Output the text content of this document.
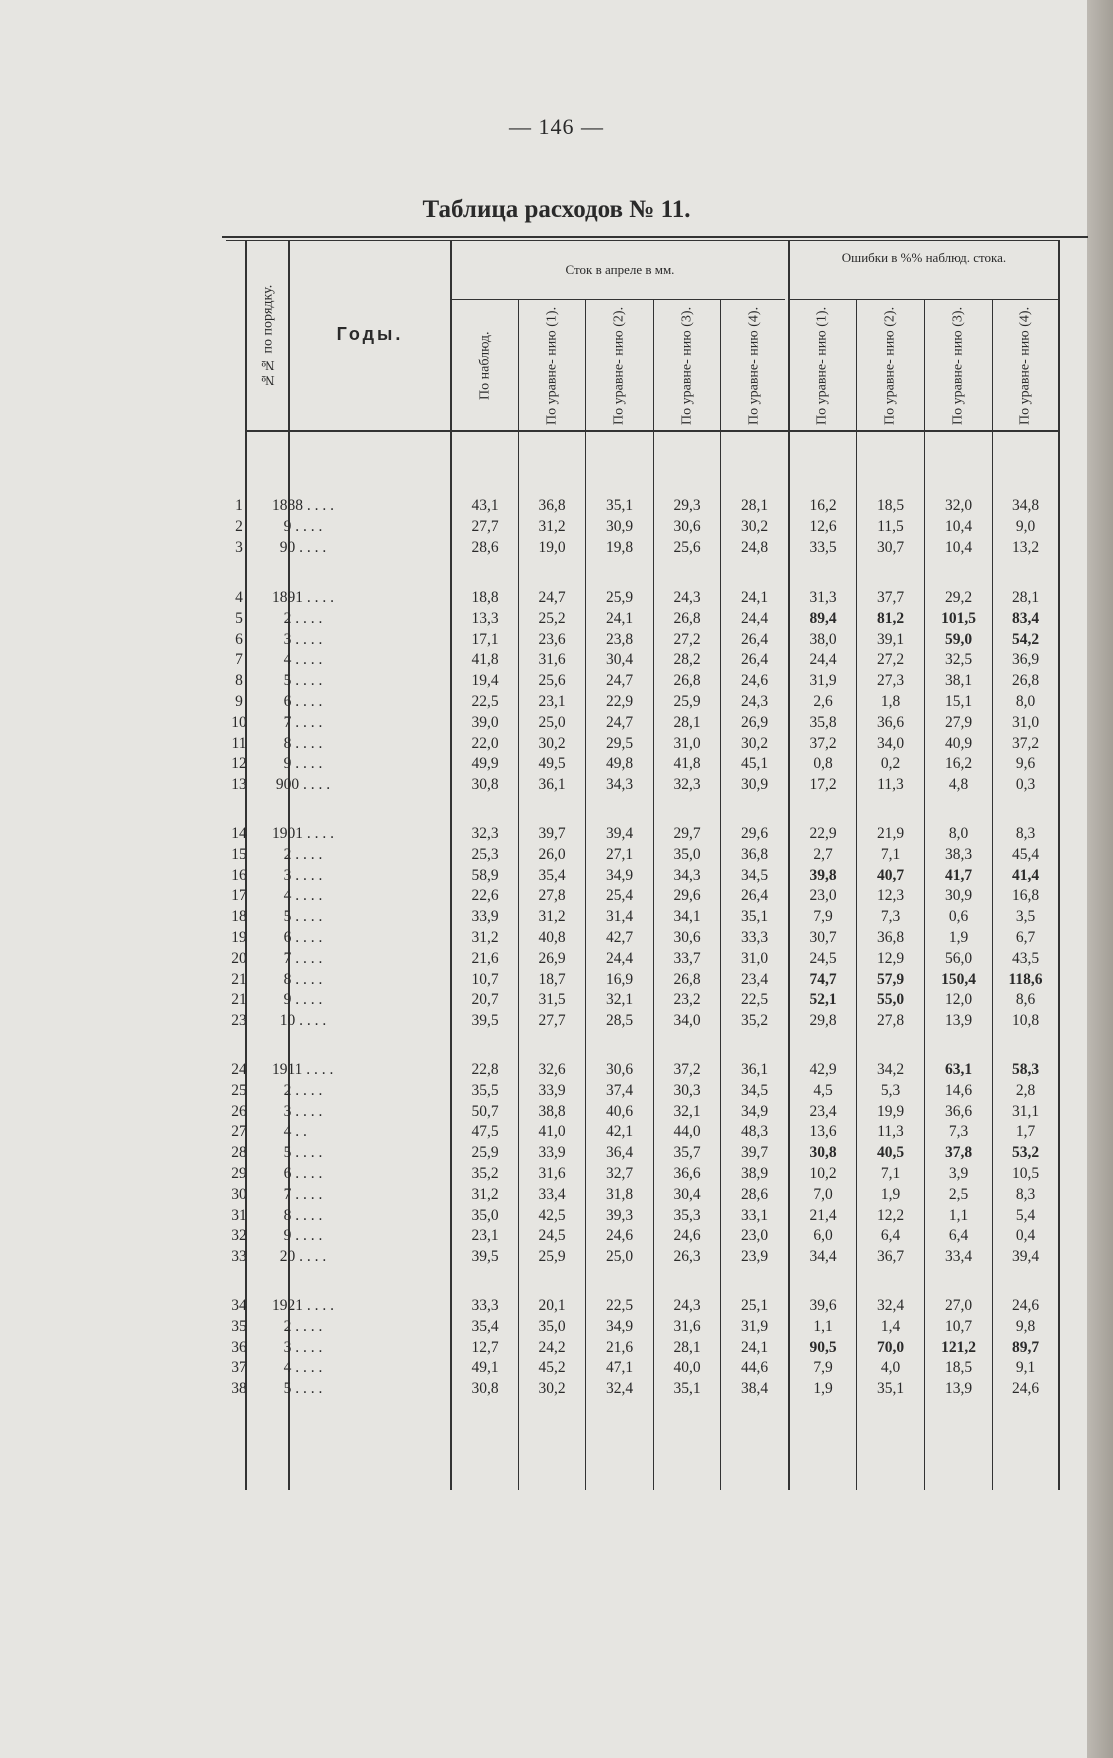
— 146 —
Таблица расходов № 11.
№№ по порядку.	Годы.
Сток в апреле в мм.
Ошибки в %% наблюд. стока.
По наблюд.	По уравне- нию (1).	По уравне- нию (2).	По уравне- нию (3).	По уравне- нию (4).	По уравне- нию (1).	По уравне- нию (2).	По уравне- нию (3).	По уравне- нию (4).
1	1888 . . . .	43,1	36,8	35,1	29,3	28,1	16,2	18,5	32,0	34,8
2	9 . . . .	27,7	31,2	30,9	30,6	30,2	12,6	11,5	10,4	9,0
3	90 . . . .	28,6	19,0	19,8	25,6	24,8	33,5	30,7	10,4	13,2
4	1891 . . . .	18,8	24,7	25,9	24,3	24,1	31,3	37,7	29,2	28,1
5	2 . . . .	13,3	25,2	24,1	26,8	24,4	89,4	81,2	101,5	83,4
6	3 . . . .	17,1	23,6	23,8	27,2	26,4	38,0	39,1	59,0	54,2
7	4 . . . .	41,8	31,6	30,4	28,2	26,4	24,4	27,2	32,5	36,9
8	5 . . . .	19,4	25,6	24,7	26,8	24,6	31,9	27,3	38,1	26,8
9	6 . . . .	22,5	23,1	22,9	25,9	24,3	2,6	1,8	15,1	8,0
10	7 . . . .	39,0	25,0	24,7	28,1	26,9	35,8	36,6	27,9	31,0
11	8 . . . .	22,0	30,2	29,5	31,0	30,2	37,2	34,0	40,9	37,2
12	9 . . . .	49,9	49,5	49,8	41,8	45,1	0,8	0,2	16,2	9,6
13	900 . . . .	30,8	36,1	34,3	32,3	30,9	17,2	11,3	4,8	0,3
14	1901 . . . .	32,3	39,7	39,4	29,7	29,6	22,9	21,9	8,0	8,3
15	2 . . . .	25,3	26,0	27,1	35,0	36,8	2,7	7,1	38,3	45,4
16	3 . . . .	58,9	35,4	34,9	34,3	34,5	39,8	40,7	41,7	41,4
17	4 . . . .	22,6	27,8	25,4	29,6	26,4	23,0	12,3	30,9	16,8
18	5 . . . .	33,9	31,2	31,4	34,1	35,1	7,9	7,3	0,6	3,5
19	6 . . . .	31,2	40,8	42,7	30,6	33,3	30,7	36,8	1,9	6,7
20	7 . . . .	21,6	26,9	24,4	33,7	31,0	24,5	12,9	56,0	43,5
21	8 . . . .	10,7	18,7	16,9	26,8	23,4	74,7	57,9	150,4	118,6
21	9 . . . .	20,7	31,5	32,1	23,2	22,5	52,1	55,0	12,0	8,6
23	10 . . . .	39,5	27,7	28,5	34,0	35,2	29,8	27,8	13,9	10,8
24	1911 . . . .	22,8	32,6	30,6	37,2	36,1	42,9	34,2	63,1	58,3
25	2 . . . .	35,5	33,9	37,4	30,3	34,5	4,5	5,3	14,6	2,8
26	3 . . . .	50,7	38,8	40,6	32,1	34,9	23,4	19,9	36,6	31,1
27	4 . .	47,5	41,0	42,1	44,0	48,3	13,6	11,3	7,3	1,7
28	5 . . . .	25,9	33,9	36,4	35,7	39,7	30,8	40,5	37,8	53,2
29	6 . . . .	35,2	31,6	32,7	36,6	38,9	10,2	7,1	3,9	10,5
30	7 . . . .	31,2	33,4	31,8	30,4	28,6	7,0	1,9	2,5	8,3
31	8 . . . .	35,0	42,5	39,3	35,3	33,1	21,4	12,2	1,1	5,4
32	9 . . . .	23,1	24,5	24,6	24,6	23,0	6,0	6,4	6,4	0,4
33	20 . . . .	39,5	25,9	25,0	26,3	23,9	34,4	36,7	33,4	39,4
34	1921 . . . .	33,3	20,1	22,5	24,3	25,1	39,6	32,4	27,0	24,6
35	2 . . . .	35,4	35,0	34,9	31,6	31,9	1,1	1,4	10,7	9,8
36	3 . . . .	12,7	24,2	21,6	28,1	24,1	90,5	70,0	121,2	89,7
37	4 . . . .	49,1	45,2	47,1	40,0	44,6	7,9	4,0	18,5	9,1
38	5 . . . .	30,8	30,2	32,4	35,1	38,4	1,9	35,1	13,9	24,6
